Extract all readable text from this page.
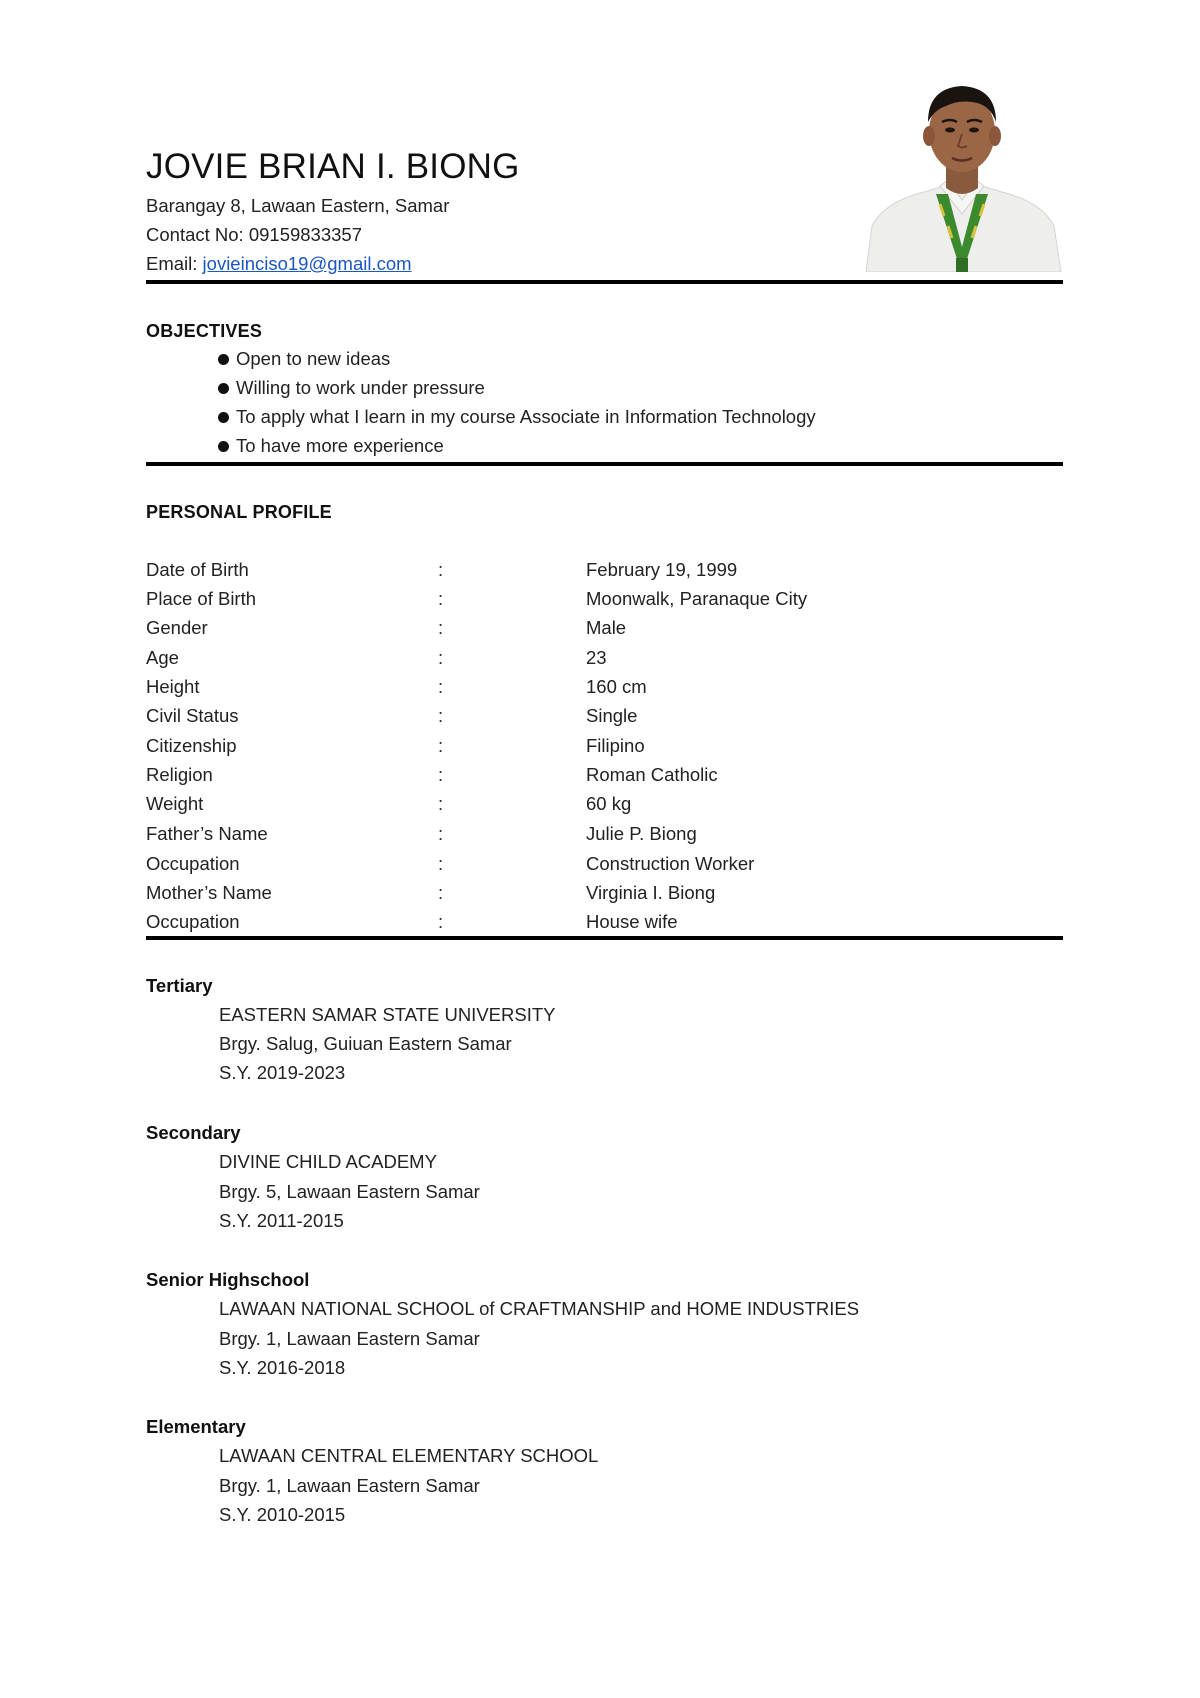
JOVIE BRIAN I. BIONG
Barangay 8, Lawaan Eastern, Samar
Contact No: 09159833357
Email: jovieinciso19@gmail.com
OBJECTIVES
Open to new ideas
Willing to work under pressure
To apply what I learn in my course Associate in Information Technology
To have more experience
PERSONAL PROFILE
Date of Birth	:	February 19, 1999
Place of Birth	:	Moonwalk, Paranaque City
Gender	:	Male
Age	:	23
Height	:	160 cm
Civil Status	:	Single
Citizenship	:	Filipino
Religion	:	Roman Catholic
Weight	:	60 kg
Father’s Name	:	Julie P. Biong
Occupation	:	Construction Worker
Mother’s Name	:	Virginia I. Biong
Occupation	:	House wife
Tertiary
EASTERN SAMAR STATE UNIVERSITY
Brgy. Salug, Guiuan Eastern Samar
S.Y. 2019-2023
Secondary
DIVINE CHILD ACADEMY
Brgy. 5, Lawaan Eastern Samar
S.Y. 2011-2015
Senior Highschool
LAWAAN NATIONAL SCHOOL of CRAFTMANSHIP and HOME INDUSTRIES
Brgy. 1, Lawaan Eastern Samar
S.Y. 2016-2018
Elementary
LAWAAN CENTRAL ELEMENTARY SCHOOL
Brgy. 1, Lawaan Eastern Samar
S.Y. 2010-2015
